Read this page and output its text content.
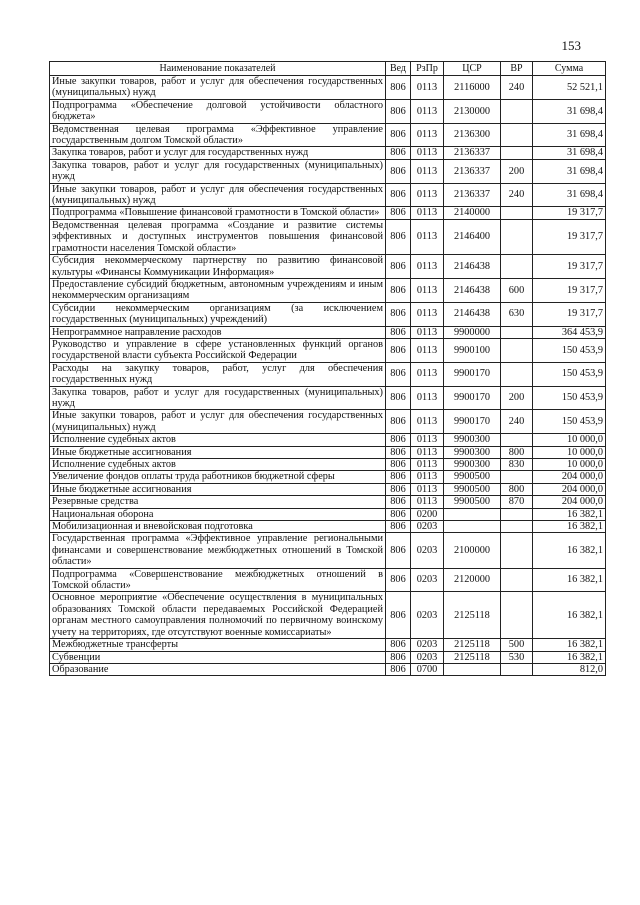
153
Наименование показателей	Вед	РзПр	ЦСР	ВР	Сумма
Иные закупки товаров, работ и услуг для обеспечения государственных (муниципальных) нужд	806	0113	2116000	240	52 521,1
Подпрограмма «Обеспечение долговой устойчивости областного бюджета»	806	0113	2130000		31 698,4
Ведомственная целевая программа «Эффективное управление государственным долгом Томской области»	806	0113	2136300		31 698,4
Закупка товаров, работ и услуг для государственных нужд	806	0113	2136337		31 698,4
Закупка товаров, работ и услуг для государственных (муниципальных) нужд	806	0113	2136337	200	31 698,4
Иные закупки товаров, работ и услуг для обеспечения государственных (муниципальных) нужд	806	0113	2136337	240	31 698,4
Подпрограмма «Повышение финансовой грамотности в Томской области»	806	0113	2140000		19 317,7
Ведомственная целевая программа «Создание и развитие системы эффективных и доступных инструментов повышения финансовой грамотности населения Томской области»	806	0113	2146400		19 317,7
Субсидия некоммерческому партнерству по развитию финансовой культуры «Финансы Коммуникации Информация»	806	0113	2146438		19 317,7
Предоставление субсидий бюджетным, автономным учреждениям и иным некоммерческим организациям	806	0113	2146438	600	19 317,7
Субсидии некоммерческим организациям (за исключением государственных (муниципальных) учреждений)	806	0113	2146438	630	19 317,7
Непрограммное направление расходов	806	0113	9900000		364 453,9
Руководство и управление в сфере установленных функций органов государственой власти субъекта Российской Федерации	806	0113	9900100		150 453,9
Расходы на закупку товаров, работ, услуг для обеспечения государственных нужд	806	0113	9900170		150 453,9
Закупка товаров, работ и услуг для государственных (муниципальных) нужд	806	0113	9900170	200	150 453,9
Иные закупки товаров, работ и услуг для обеспечения государственных (муниципальных) нужд	806	0113	9900170	240	150 453,9
Исполнение судебных актов	806	0113	9900300		10 000,0
Иные бюджетные ассигнования	806	0113	9900300	800	10 000,0
Исполнение судебных актов	806	0113	9900300	830	10 000,0
Увеличение фондов оплаты труда работников бюджетной сферы	806	0113	9900500		204 000,0
Иные бюджетные ассигнования	806	0113	9900500	800	204 000,0
Резервные средства	806	0113	9900500	870	204 000,0
Национальная оборона	806	0200			16 382,1
Мобилизационная и вневойсковая подготовка	806	0203			16 382,1
Государственная программа «Эффективное управление региональными финансами и совершенствование межбюджетных отношений в Томской области»	806	0203	2100000		16 382,1
Подпрограмма «Совершенствование межбюджетных отношений в Томской области»	806	0203	2120000		16 382,1
Основное мероприятие «Обеспечение осуществления в муниципальных образованиях Томской области передаваемых Российской Федерацией органам местного самоуправления полномочий по первичному воинскому учету на территориях, где отсутствуют военные комиссариаты»	806	0203	2125118		16 382,1
Межбюджетные трансферты	806	0203	2125118	500	16 382,1
Субвенции	806	0203	2125118	530	16 382,1
Образование	806	0700			812,0
